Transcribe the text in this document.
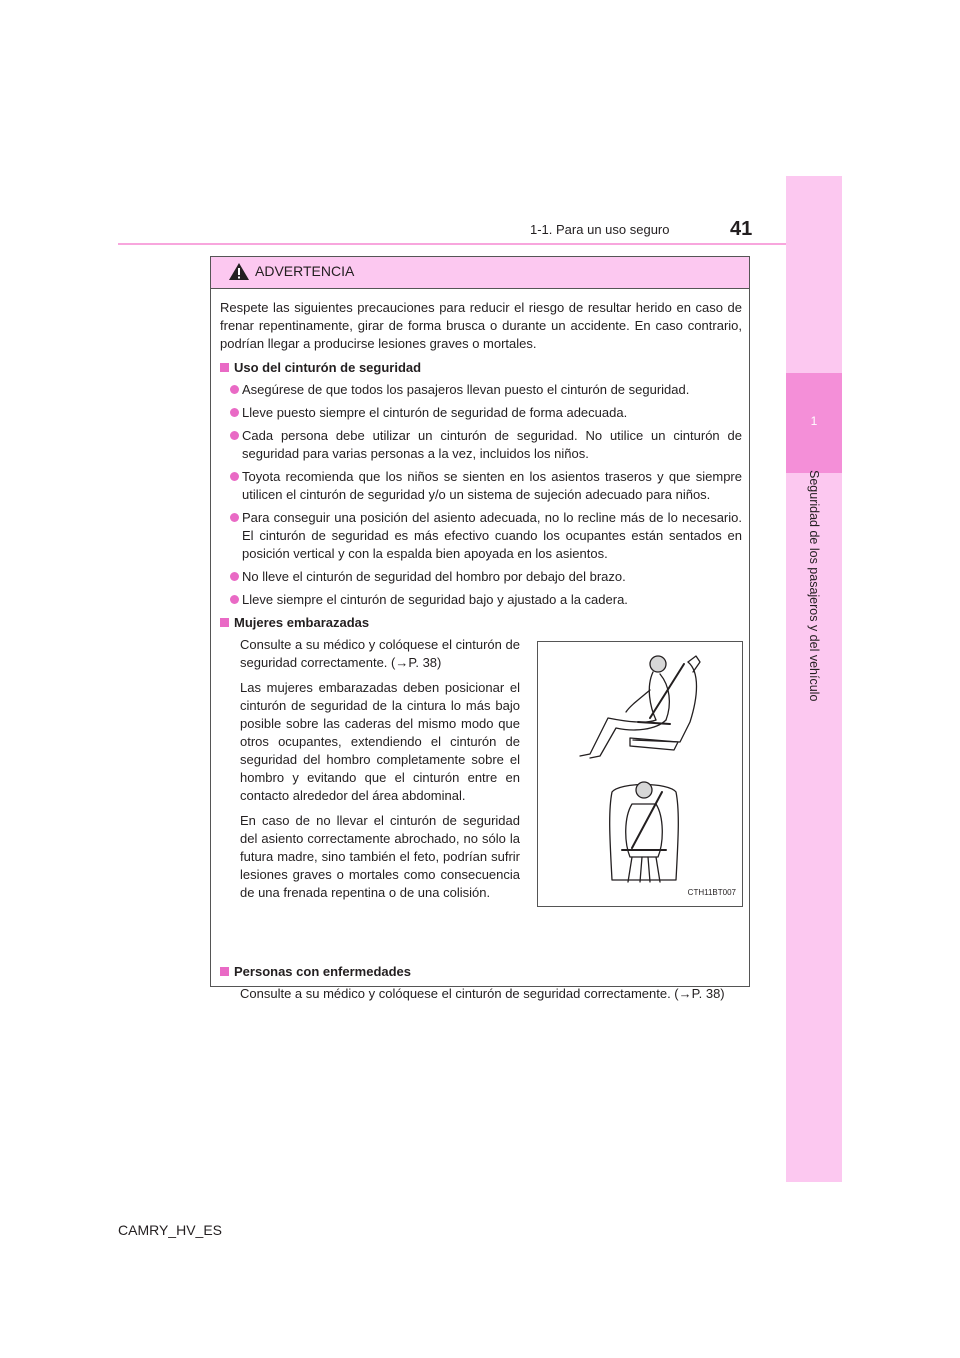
1
Seguridad de los pasajeros y del vehículo
41
1-1. Para un uso seguro
ADVERTENCIA

Respete las siguientes precauciones para reducir el riesgo de resultar herido en caso de frenar repentinamente, girar de forma brusca o durante un accidente. En caso contrario, podrían llegar a producirse lesiones graves o mortales.

Uso del cinturón de seguridad
Asegúrese de que todos los pasajeros llevan puesto el cinturón de seguridad.
Lleve puesto siempre el cinturón de seguridad de forma adecuada.
Cada persona debe utilizar un cinturón de seguridad. No utilice un cinturón de seguridad para varias personas a la vez, incluidos los niños.
Toyota recomienda que los niños se sienten en los asientos traseros y que siempre utilicen el cinturón de seguridad y/o un sistema de sujeción adecuado para niños.
Para conseguir una posición del asiento adecuada, no lo recline más de lo necesario. El cinturón de seguridad es más efectivo cuando los ocupantes están sentados en posición vertical y con la espalda bien apoyada en los asientos.
No lleve el cinturón de seguridad del hombro por debajo del brazo.
Lleve siempre el cinturón de seguridad bajo y ajustado a la cadera.
Mujeres embarazadas

Consulte a su médico y colóquese el cinturón de seguridad correctamente. (→P. 38)

Las mujeres embarazadas deben posicionar el cinturón de seguridad de la cintura lo más bajo posible sobre las caderas del mismo modo que otros ocupantes, extendiendo el cinturón de seguridad del hombro completamente sobre el hombro y evitando que el cinturón entre en contacto alrededor del área abdominal.

En caso de no llevar el cinturón de seguridad del asiento correctamente abrochado, no sólo la futura madre, sino también el feto, podrían sufrir lesiones graves o mortales como consecuencia de una frenada repentina o de una colisión.	CTH11BT007
Personas con enfermedades

Consulte a su médico y colóquese el cinturón de seguridad correctamente. (→P. 38)

CAMRY_HV_ES
